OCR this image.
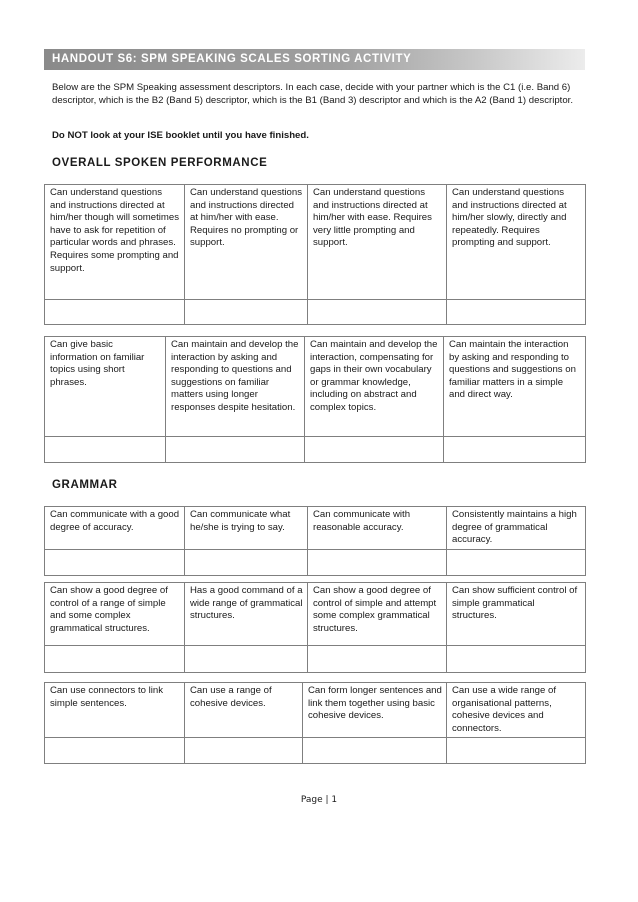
HANDOUT S6: SPM SPEAKING SCALES SORTING ACTIVITY

Below are the SPM Speaking assessment descriptors. In each case, decide with your partner which is the C1 (i.e. Band 6) descriptor, which is the B2 (Band 5) descriptor, which is the B1 (Band 3) descriptor and which is the A2 (Band 1) descriptor.

Do NOT look at your ISE booklet until you have finished.

OVERALL SPOKEN PERFORMANCE
Can understand questions and instructions directed at him/her though will sometimes have to ask for repetition of particular words and phrases. Requires some prompting and support.	Can understand questions and instructions directed at him/her with ease. Requires no prompting or support.	Can understand questions and instructions directed at him/her with ease. Requires very little prompting and support.	Can understand questions and instructions directed at him/her slowly, directly and repeatedly. Requires prompting and support.

Can give basic information on familiar topics using short phrases.	Can maintain and develop the interaction by asking and responding to questions and suggestions on familiar matters using longer responses despite hesitation.	Can maintain and develop the interaction, compensating for gaps in their own vocabulary or grammar knowledge, including on abstract and complex topics.	Can maintain the interaction by asking and responding to questions and suggestions on familiar matters in a simple and direct way.

GRAMMAR
Can communicate with a good degree of accuracy.	Can communicate what he/she is trying to say.	Can communicate with reasonable accuracy.	Consistently maintains a high degree of grammatical accuracy.

Can show a good degree of control of a range of simple and some complex grammatical structures.	Has a good command of a wide range of grammatical structures.	Can show a good degree of control of simple and attempt some complex grammatical structures.	Can show sufficient control of simple grammatical structures.

Can use connectors to link simple sentences.	Can use a range of cohesive devices.	Can form longer sentences and link them together using basic cohesive devices.	Can use a wide range of organisational patterns, cohesive devices and connectors.

Page | 1
